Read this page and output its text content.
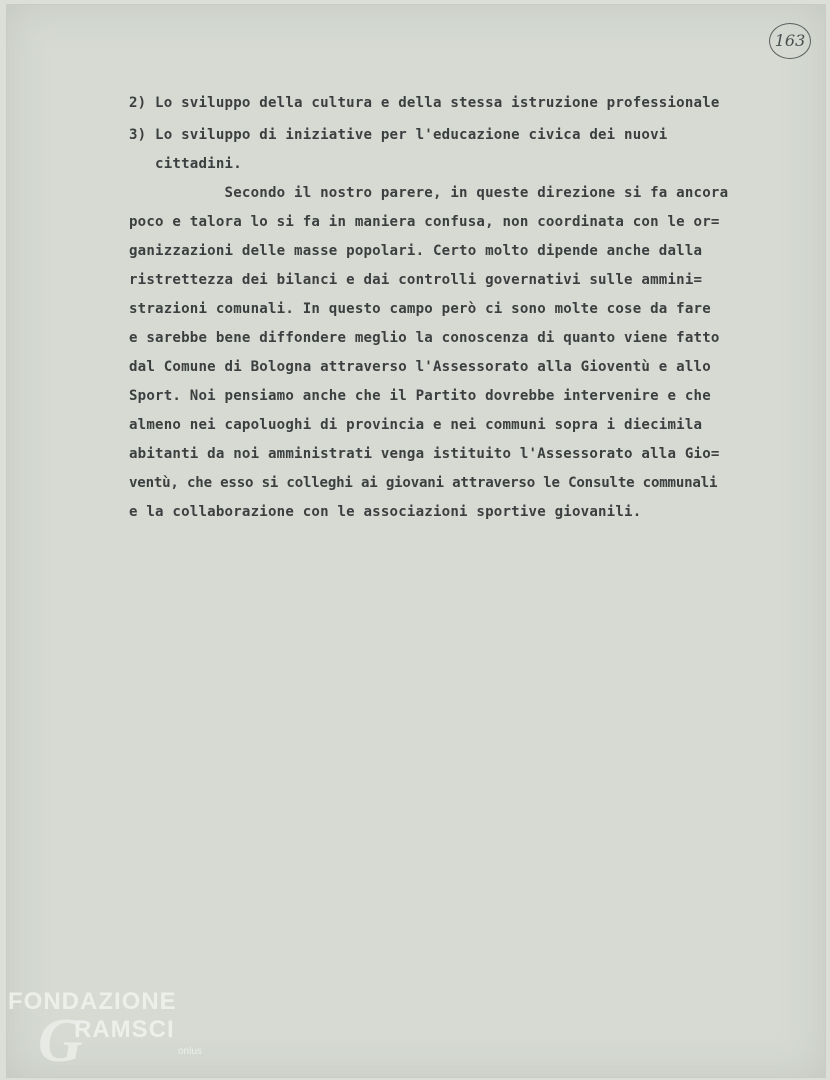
163
2) Lo sviluppo della cultura e della stessa istruzione professionale
3) Lo sviluppo di iniziative per l'educazione civica dei nuovi
cittadini.
Secondo il nostro parere, in queste direzione si fa ancora
poco e talora lo si fa in maniera confusa, non coordinata con le or=
ganizzazioni delle masse popolari. Certo molto dipende anche dalla
ristrettezza dei bilanci e dai controlli governativi sulle ammini=
strazioni comunali. In questo campo però ci sono molte cose da fare
e sarebbe bene diffondere meglio la conoscenza di quanto viene fatto
dal Comune di Bologna attraverso l'Assessorato alla Gioventù e allo
Sport. Noi pensiamo anche che il Partito dovrebbe intervenire e che
almeno nei capoluoghi di provincia e nei communi sopra i diecimila
abitanti da noi amministrati venga istituito l'Assessorato alla Gio=
ventù, che esso si colleghi ai giovani attraverso le Consulte communali
e la collaborazione con le associazioni sportive giovanili.
FONDAZIONE
G
RAMSCI
onlus
